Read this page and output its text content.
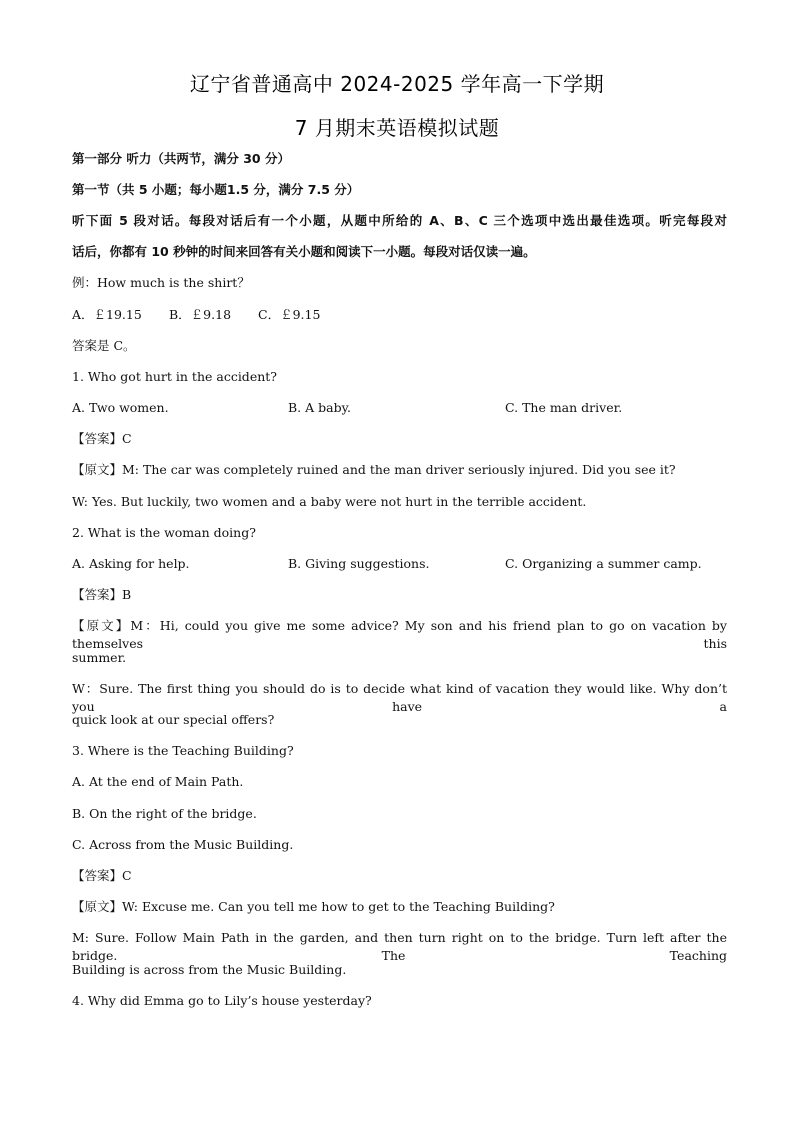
辽宁省普通高中 2024-2025 学年高一下学期
7 月期末英语模拟试题
第一部分 听力（共两节，满分 30 分）
第一节（共 5 小题；每小题1.5 分，满分 7.5 分）
听下面 5 段对话。每段对话后有一个小题，从题中所给的 A、B、C 三个选项中选出最佳选项。听完每段对
话后，你都有 10 秒钟的时间来回答有关小题和阅读下一小题。每段对话仅读一遍。
例：How much is the shirt？
A．￡19.15 B．￡9.18 C．￡9.15
答案是 C。
1. Who got hurt in the accident?
A. Two women.	B. A baby.	C. The man driver.
【答案】C
【原文】M: The car was completely ruined and the man driver seriously injured. Did you see it?
W: Yes. But luckily, two women and a baby were not hurt in the terrible accident.
2. What is the woman doing?
A. Asking for help.	B. Giving suggestions.	C. Organizing a summer camp.
【答案】B
【原文】M：Hi, could you give me some advice? My son and his friend plan to go on vacation by themselves this
summer.
W：Sure. The first thing you should do is to decide what kind of vacation they would like. Why don’t you have a
quick look at our special offers?
3. Where is the Teaching Building?
A. At the end of Main Path.
B. On the right of the bridge.
C. Across from the Music Building.
【答案】C
【原文】W: Excuse me. Can you tell me how to get to the Teaching Building?
M: Sure. Follow Main Path in the garden, and then turn right on to the bridge. Turn left after the bridge. The Teaching
Building is across from the Music Building.
4. Why did Emma go to Lily’s house yesterday?
